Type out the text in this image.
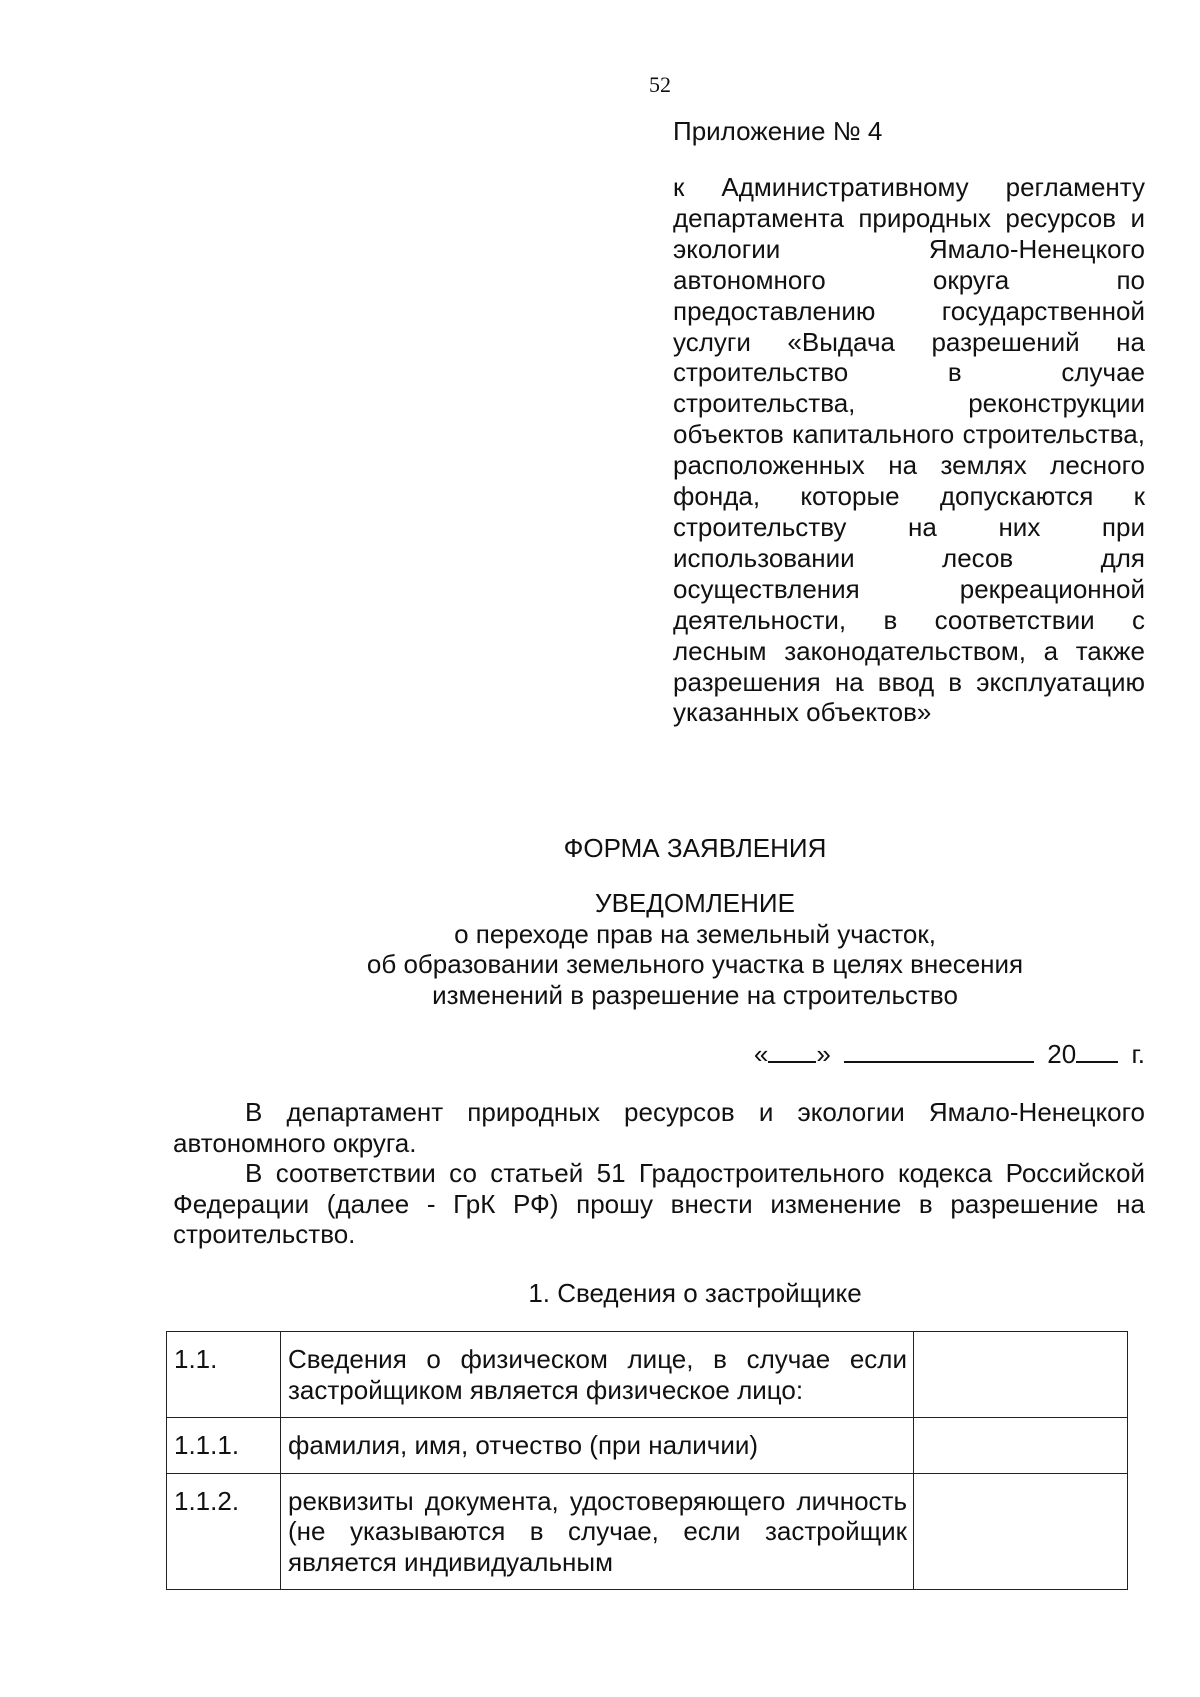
52
Приложение № 4
к Административному регламенту департамента природных ресурсов и экологии Ямало-Ненецкого автономного округа по предоставлению государственной услуги «Выдача разрешений на строительство в случае строительства, реконструкции объектов капитального строительства, расположенных на землях лесного фонда, которые допускаются к строительству на них при использовании лесов для осуществления рекреационной деятельности, в соответствии с лесным законодательством, а также разрешения на ввод в эксплуатацию указанных объектов»
ФОРМА ЗАЯВЛЕНИЯ
УВЕДОМЛЕНИЕ
о переходе прав на земельный участок,
об образовании земельного участка в целях внесения
изменений в разрешение на строительство
« »	20 г.

В департамент природных ресурсов и экологии Ямало-Ненецкого автономного округа.

В соответствии со статьей 51 Градостроительного кодекса Российской Федерации (далее - ГрК РФ) прошу внести изменение в разрешение на строительство.

1. Сведения о застройщике
1.1.	Сведения о физическом лице, в случае если застройщиком является физическое лицо:	
1.1.1.	фамилия, имя, отчество (при наличии)	
1.1.2.	реквизиты документа, удостоверяющего личность (не указываются в случае, если застройщик является индивидуальным	
